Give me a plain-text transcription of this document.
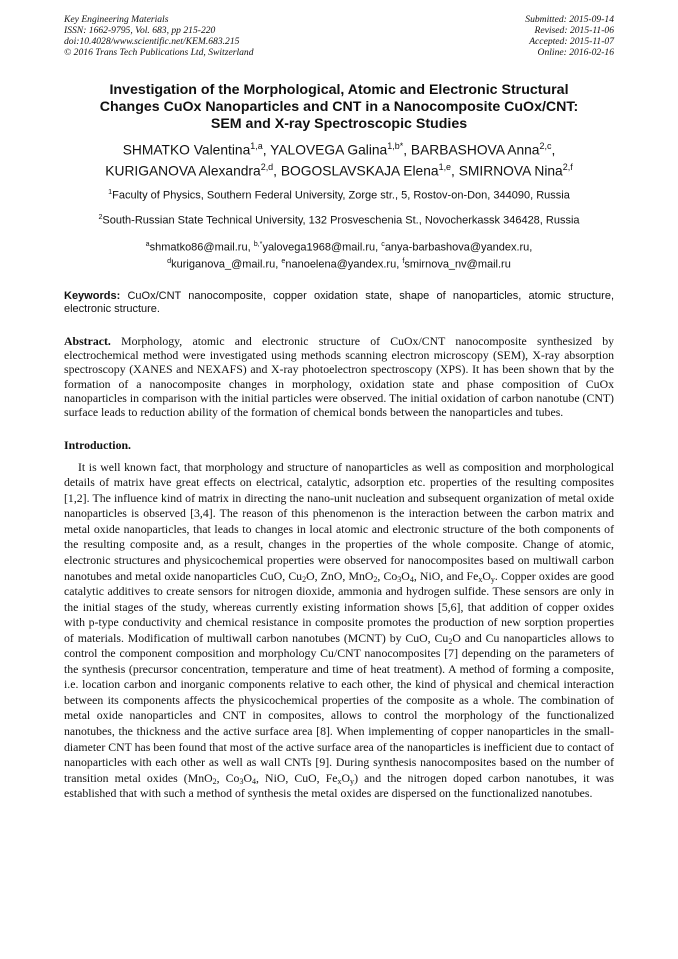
Key Engineering Materials
ISSN: 1662-9795, Vol. 683, pp 215-220
doi:10.4028/www.scientific.net/KEM.683.215
© 2016 Trans Tech Publications Ltd, Switzerland
Submitted: 2015-09-14
Revised: 2015-11-06
Accepted: 2015-11-07
Online: 2016-02-16
Investigation of the Morphological, Atomic and Electronic Structural
Changes CuOx Nanoparticles and CNT in a Nanocomposite CuOx/CNT:
SEM and X-ray Spectroscopic Studies
SHMATKO Valentina$^{1,a}$, YALOVEGA Galina$^{1,b*}$, BARBASHOVA Anna$^{2,c}$,
KURIGANOVA Alexandra$^{2,d}$, BOGOSLAVSKAJA Elena$^{1,e}$, SMIRNOVA Nina$^{2,f}$
$^1$Faculty of Physics, Southern Federal University, Zorge str., 5, Rostov-on-Don, 344090, Russia
$^2$South-Russian State Technical University, 132 Prosvescheniа St., Novocherkassk 346428, Russia
$^a$shmatko86@mail.ru, $^{b,*}$yalovega1968@mail.ru, $^c$anya-barbashova@yandex.ru,
$^d$kuriganova_@mail.ru, $^e$nanoelena@yandex.ru, $^f$smirnova_nv@mail.ru
Keywords: CuOx/CNT nanocomposite, copper oxidation state, shape of nanoparticles, atomic structure, electronic structure.
Abstract. Morphology, atomic and electronic structure of CuOx/CNT nanocomposite synthesized by electrochemical method were investigated using methods scanning electron microscopy (SEM), X-ray absorption spectroscopy (XANES and NEXAFS) and X-ray photoelectron spectroscopy (XPS). It has been shown that by the formation of a nanocomposite changes in morphology, oxidation state and phase composition of CuOx nanoparticles in comparison with the initial particles were observed. The initial oxidation of carbon nanotube (CNT) surface leads to reduction ability of the formation of chemical bonds between the nanoparticles and tubes.
Introduction.
It is well known fact, that morphology and structure of nanoparticles as well as composition and morphological details of matrix have great effects on electrical, catalytic, adsorption etc. properties of the resulting composites [1,2]. The influence kind of matrix in directing the nano-unit nucleation and subsequent organization of metal oxide nanoparticles is observed [3,4]. The reason of this phenomenon is the interaction between the carbon matrix and metal oxide nanoparticles, that leads to changes in local atomic and electronic structure of the both components of the resulting composite and, as a result, changes in the properties of the whole composite. Change of atomic, electronic structures and physicochemical properties were observed for nanocomposites based on multiwall carbon nanotubes and metal oxide nanoparticles CuO, $Cu_2O$, ZnO, MnO$_2$, $Co_3O_4$, NiO, and $Fe_xO_y$. Copper oxides are good catalytic additives to create sensors for nitrogen dioxide, ammonia and hydrogen sulfide. These sensors are only in the initial stages of the study, whereas currently existing information shows [5,6], that addition of copper oxides with p-type conductivity and chemical resistance in composite promotes the production of new sorption properties of materials. Modification of multiwall carbon nanotubes (MCNT) by CuO, $Cu_2O$ and Cu nanoparticles allows to control the component composition and morphology Cu/CNT nanocomposites [7] depending on the parameters of the synthesis (precursor concentration, temperature and time of heat treatment). A method of forming a composite, i.e. location carbon and inorganic components relative to each other, the kind of physical and chemical interaction between its components affects the physicochemical properties of the composite as a whole. The combination of metal oxide nanoparticles and CNT in composites, allows to control the morphology of the functionalized nanotubes, the thickness and the active surface area [8]. When implementing of copper nanoparticles in the small-diameter CNT has been found that most of the active surface area of the nanoparticles is inefficient due to contact of nanoparticles with each other as well as wall CNTs [9]. During synthesis nanocomposites based on the number of transition metal oxides (MnO$_2$, $Co_3O_4$, NiO, CuO, $Fe_xO_y$) and the nitrogen doped carbon nanotubes, it was established that with such a method of synthesis the metal oxides are dispersed on the functionalized nanotubes.
